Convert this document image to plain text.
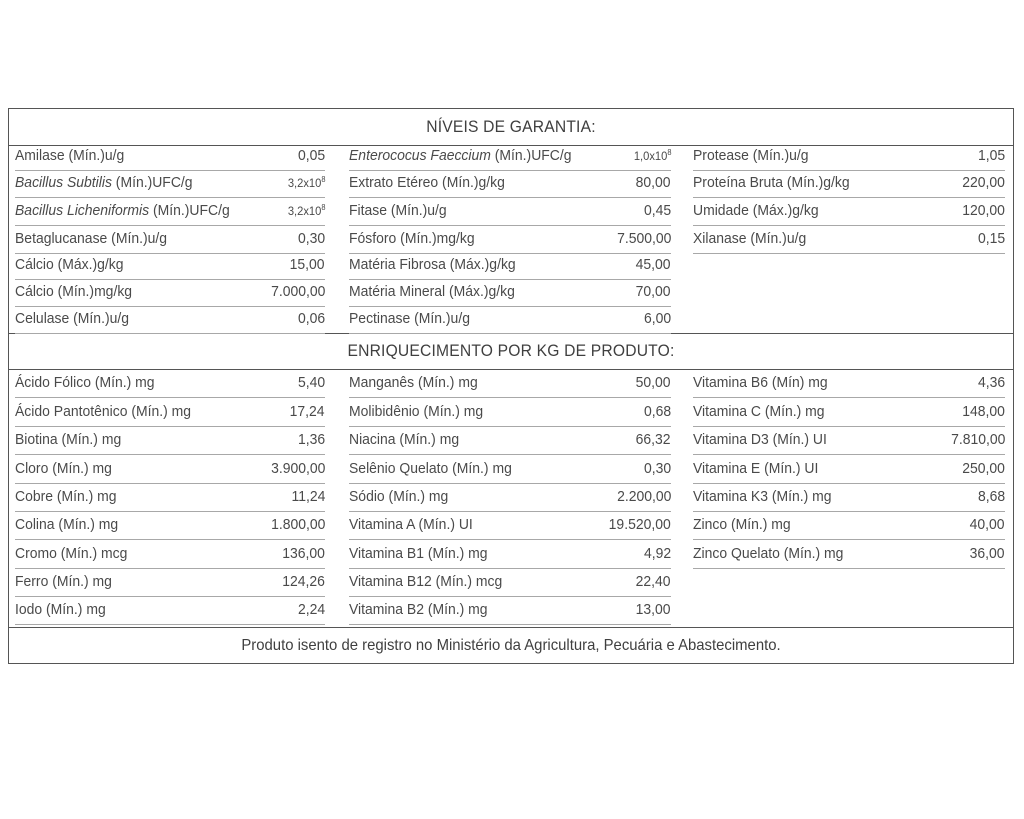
NÍVEIS DE GARANTIA:
ENRIQUECIMENTO POR KG DE PRODUTO:
Produto isento de registro no Ministério da Agricultura, Pecuária e Abastecimento.
Amilase (Mín.)u/g	0,05
Bacillus Subtilis (Mín.)UFC/g	$3,2x10^8$
Bacillus Licheniformis (Mín.)UFC/g	$3,2x10^8$
Betaglucanase (Mín.)u/g	0,30
Cálcio (Máx.)g/kg	15,00
Cálcio (Mín.)mg/kg	7.000,00
Celulase (Mín.)u/g	0,06
Enterococus Faeccium (Mín.)UFC/g	$1,0x10^8$
Extrato Etéreo (Mín.)g/kg	80,00
Fitase (Mín.)u/g	0,45
Fósforo (Mín.)mg/kg	7.500,00
Matéria Fibrosa (Máx.)g/kg	45,00
Matéria Mineral (Máx.)g/kg	70,00
Pectinase (Mín.)u/g	6,00
Protease (Mín.)u/g	1,05
Proteína Bruta (Mín.)g/kg	220,00
Umidade (Máx.)g/kg	120,00
Xilanase (Mín.)u/g	0,15
Ácido Fólico (Mín.) mg	5,40
Ácido Pantotênico (Mín.) mg	17,24
Biotina (Mín.) mg	1,36
Cloro (Mín.) mg	3.900,00
Cobre (Mín.) mg	11,24
Colina (Mín.) mg	1.800,00
Cromo (Mín.) mcg	136,00
Ferro (Mín.) mg	124,26
Iodo (Mín.) mg	2,24
Manganês (Mín.) mg	50,00
Molibidênio (Mín.) mg	0,68
Niacina (Mín.) mg	66,32
Selênio Quelato (Mín.) mg	0,30
Sódio (Mín.) mg	2.200,00
Vitamina A (Mín.) UI	19.520,00
Vitamina B1 (Mín.) mg	4,92
Vitamina B12 (Mín.) mcg	22,40
Vitamina B2 (Mín.) mg	13,00
Vitamina B6 (Mín) mg	4,36
Vitamina C (Mín.) mg	148,00
Vitamina D3 (Mín.) UI	7.810,00
Vitamina E (Mín.) UI	250,00
Vitamina K3 (Mín.) mg	8,68
Zinco (Mín.) mg	40,00
Zinco Quelato (Mín.) mg	36,00
